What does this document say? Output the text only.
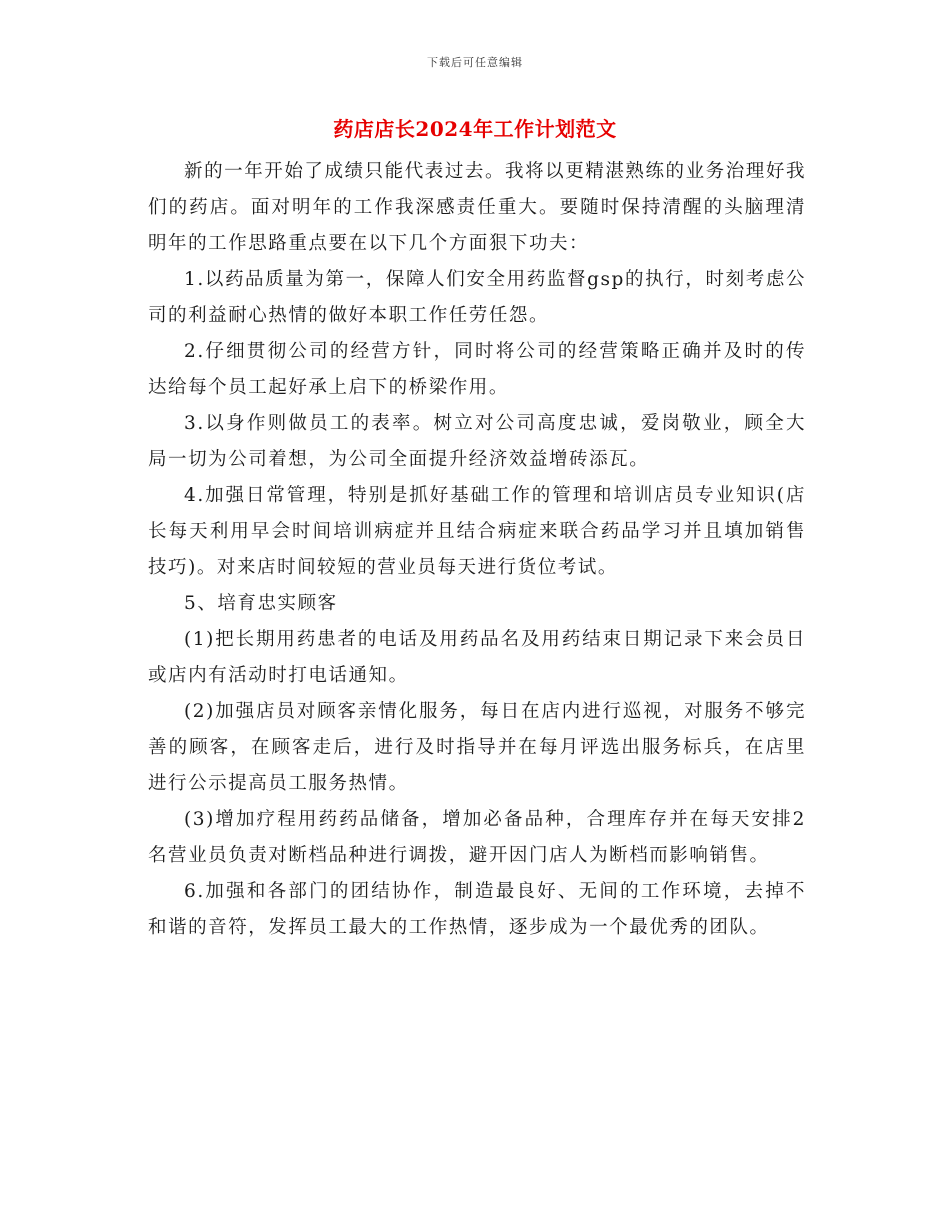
下载后可任意编辑
药店店长2024年工作计划范文

新的一年开始了成绩只能代表过去。我将以更精湛熟练的业务治理好我们的药店。面对明年的工作我深感责任重大。要随时保持清醒的头脑理清明年的工作思路重点要在以下几个方面狠下功夫：

1.以药品质量为第一，保障人们安全用药监督gsp的执行，时刻考虑公司的利益耐心热情的做好本职工作任劳任怨。

2.仔细贯彻公司的经营方针，同时将公司的经营策略正确并及时的传达给每个员工起好承上启下的桥梁作用。

3.以身作则做员工的表率。树立对公司高度忠诚，爱岗敬业，顾全大局一切为公司着想，为公司全面提升经济效益增砖添瓦。

4.加强日常管理，特别是抓好基础工作的管理和培训店员专业知识(店长每天利用早会时间培训病症并且结合病症来联合药品学习并且填加销售技巧)。对来店时间较短的营业员每天进行货位考试。

5、培育忠实顾客

(1)把长期用药患者的电话及用药品名及用药结束日期记录下来会员日或店内有活动时打电话通知。

(2)加强店员对顾客亲情化服务，每日在店内进行巡视，对服务不够完善的顾客，在顾客走后，进行及时指导并在每月评选出服务标兵，在店里进行公示提高员工服务热情。

(3)增加疗程用药药品储备，增加必备品种，合理库存并在每天安排2名营业员负责对断档品种进行调拨，避开因门店人为断档而影响销售。

6.加强和各部门的团结协作，制造最良好、无间的工作环境，去掉不和谐的音符，发挥员工最大的工作热情，逐步成为一个最优秀的团队。
